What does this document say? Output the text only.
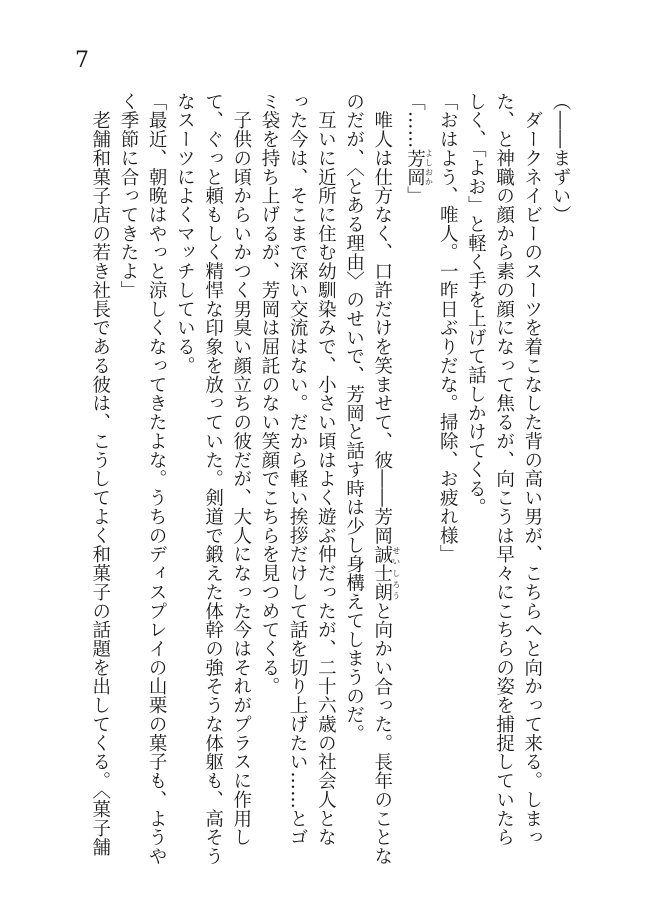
7
（――まずい）
　ダークネイビーのスーツを着こなした背の高い男が、こちらへと向かって来る。しまっ
た、と神職の顔から素の顔になって焦るが、向こうは早々にこちらの姿を捕捉していたら
しく、「よお」と軽く手を上げて話しかけてくる。
「おはよう、唯人。一昨日ぶりだな。掃除、お疲れ様」
「……芳岡 よしおか」
　唯人は仕方なく、口許だけを笑ませて、彼――芳岡誠士朗 せいしろうと向かい合った。長年のことな
のだが、〈とある理由〉のせいで、芳岡と話す時は少し身構えてしまうのだ。
　互いに近所に住む幼馴染みで、小さい頃はよく遊ぶ仲だったが、二十六歳の社会人とな
った今は、そこまで深い交流はない。だから軽い挨拶だけして話を切り上げたい……とゴ
ミ袋を持ち上げるが、芳岡は屈託のない笑顔でこちらを見つめてくる。
　子供の頃からいかつく男臭い顔立ちの彼だが、大人になった今はそれがプラスに作用し
て、ぐっと頼もしく精悍な印象を放っていた。剣道で鍛えた体幹の強そうな体躯も、高そう
なスーツによくマッチしている。
「最近、朝晩はやっと涼しくなってきたよな。うちのディスプレイの山栗の菓子も、ようや
く季節に合ってきたよ」
　老舗和菓子店の若き社長である彼は、こうしてよく和菓子の話題を出してくる。〈菓子舗
